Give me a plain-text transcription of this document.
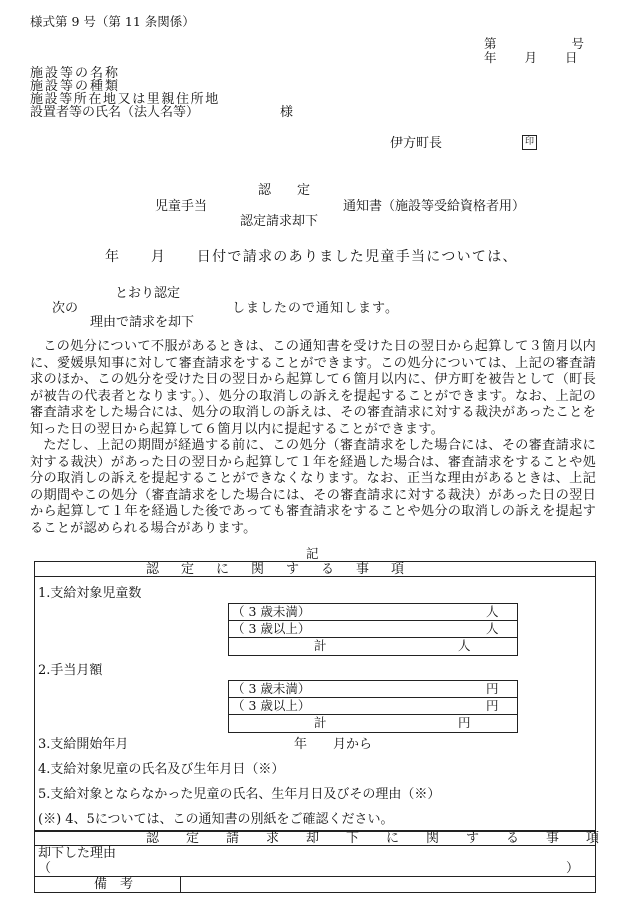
様式第 9 号（第 11 条関係）
第　　　　　　号
年　　月　　日
施設等の名称
施設等の種類
施設等所在地又は里親住所地
設置者等の氏名（法人名等）	様
伊方町長	印
認　　定
児童手当	通知書（施設等受給資格者用）
認定請求却下
年　　月　　日付で請求のありました児童手当については、
とおり認定
次の	しましたので通知します。
理由で請求を却下
この処分について不服があるときは、この通知書を受けた日の翌日から起算して３箇月以内に、愛媛県知事に対して審査請求をすることができます。この処分については、上記の審査請求のほか、この処分を受けた日の翌日から起算して６箇月以内に、伊方町を被告として（町長が被告の代表者となります。）、処分の取消しの訴えを提起することができます。なお、上記の審査請求をした場合には、処分の取消しの訴えは、その審査請求に対する裁決があったことを知った日の翌日から起算して６箇月以内に提起することができます。
ただし、上記の期間が経過する前に、この処分（審査請求をした場合には、その審査請求に対する裁決）があった日の翌日から起算して１年を経過した場合は、審査請求をすることや処分の取消しの訴えを提起することができなくなります。なお、正当な理由があるときは、上記の期間やこの処分（審査請求をした場合には、その審査請求に対する裁決）があった日の翌日から起算して１年を経過した後であっても審査請求をすることや処分の取消しの訴えを提起することが認められる場合があります。
記
認定に関する事項
1.支給対象児童数
（ 3 歳未満）	人
（ 3 歳以上）	人
計	人
2.手当月額
（ 3 歳未満）	円
（ 3 歳以上）	円
計	円
3.支給開始年月	年　　月から
4.支給対象児童の氏名及び生年月日（※）
5.支給対象とならなかった児童の氏名、生年月日及びその理由（※）
(※) 4、5については、この通知書の別紙をご確認ください。
認定請求却下に関する事項
却下した理由
（	）
備　考
